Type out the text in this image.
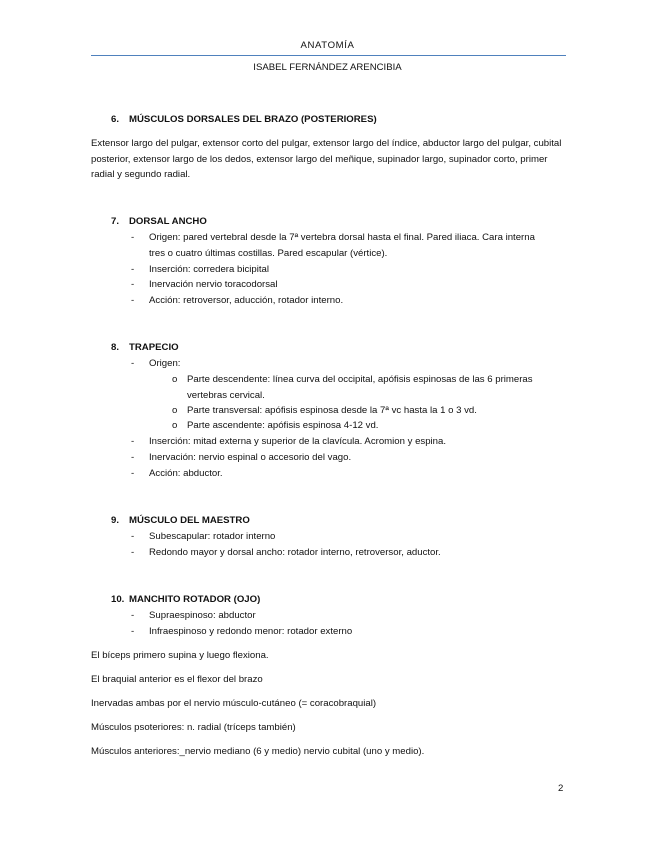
ANATOMÍA
ISABEL FERNÁNDEZ ARENCIBIA
6. MÚSCULOS DORSALES DEL BRAZO (POSTERIORES)
Extensor largo del pulgar, extensor corto del pulgar, extensor largo del índice, abductor largo del pulgar, cubital posterior, extensor largo de los dedos, extensor largo del meñique, supinador largo, supinador corto, primer radial y segundo radial.
7. DORSAL ANCHO
- Origen: pared vertebral desde la 7ª vertebra dorsal hasta el final. Pared iliaca. Cara interna tres o cuatro últimas costillas. Pared escapular (vértice).
- Inserción: corredera bicipital
- Inervación nervio toracodorsal
- Acción: retroversor, aducción, rotador interno.
8. TRAPECIO
- Origen:
o Parte descendente: línea curva del occipital, apófisis espinosas de las 6 primeras vertebras cervical.
o Parte transversal: apófisis espinosa desde la 7ª vc hasta la 1 o 3 vd.
o Parte ascendente: apófisis espinosa 4-12 vd.
- Inserción: mitad externa y superior de la clavícula. Acromion y espina.
- Inervación: nervio espinal o accesorio del vago.
- Acción: abductor.
9. MÚSCULO DEL MAESTRO
- Subescapular: rotador interno
- Redondo mayor y dorsal ancho: rotador interno, retroversor, aductor.
10. MANCHITO ROTADOR (OJO)
- Supraespinoso: abductor
- Infraespinoso y redondo menor: rotador externo
El bíceps primero supina y luego flexiona.
El braquial anterior es el flexor del brazo
Inervadas ambas por el nervio músculo-cutáneo (= coracobraquial)
Músculos psoteriores: n. radial (tríceps también)
Músculos anteriores:_nervio mediano (6 y medio) nervio cubital (uno y medio).
2
